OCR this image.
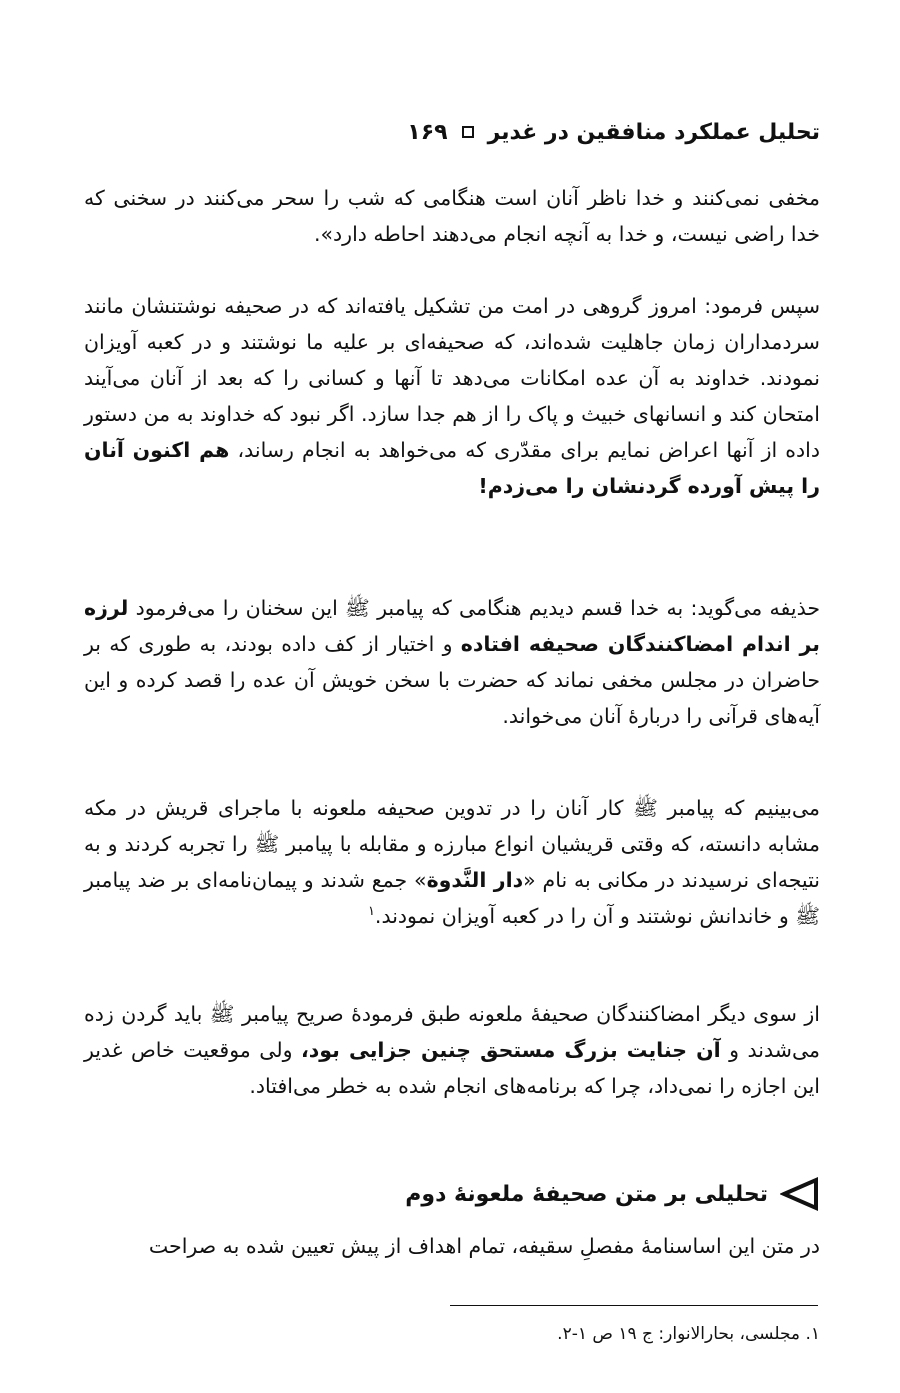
تحلیل عملکرد منافقین در غدیر
۱۶۹

مخفی نمی‌کنند و خدا ناظر آنان است هنگامی که شب را سحر می‌کنند در سخنی که خدا راضی نیست، و خدا به آنچه انجام می‌دهند احاطه دارد».

سپس فرمود: امروز گروهی در امت من تشکیل یافته‌اند که در صحیفه نوشتنشان مانند سردمداران زمان جاهلیت شده‌اند، که صحیفه‌ای بر علیه ما نوشتند و در کعبه آویزان نمودند. خداوند به آن عده امکانات می‌دهد تا آنها و کسانی را که بعد از آنان می‌آیند امتحان کند و انسانهای خبیث و پاک را از هم جدا سازد. اگر نبود که خداوند به من دستور داده از آنها اعراض نمایم برای مقدّری که می‌خواهد به انجام رساند، هم اکنون آنان را پیش آورده گردنشان را می‌زدم!

حذیفه می‌گوید: به خدا قسم دیدیم هنگامی که پیامبر ﷺ این سخنان را می‌فرمود لرزه بر اندام امضاکنندگان صحیفه افتاده و اختیار از کف داده بودند، به طوری که بر حاضران در مجلس مخفی نماند که حضرت با سخن خویش آن عده را قصد کرده و این آیه‌های قرآنی را دربارهٔ آنان می‌خواند.

می‌بینیم که پیامبر ﷺ کار آنان را در تدوین صحیفه ملعونه با ماجرای قریش در مکه مشابه دانسته، که وقتی قریشیان انواع مبارزه و مقابله با پیامبر ﷺ را تجربه کردند و به نتیجه‌ای نرسیدند در مکانی به نام «دار النَّدوة» جمع شدند و پیمان‌نامه‌ای بر ضد پیامبر ﷺ و خاندانش نوشتند و آن را در کعبه آویزان نمودند.$^۱$

از سوی دیگر امضاکنندگان صحیفهٔ ملعونه طبق فرمودهٔ صریح پیامبر ﷺ باید گردن زده می‌شدند و آن جنایت بزرگ مستحق چنین جزایی بود، ولی موقعیت خاص غدیر این اجازه را نمی‌داد، چرا که برنامه‌های انجام شده به خطر می‌افتاد.

تحلیلی بر متن صحیفهٔ ملعونهٔ دوم

در متن این اساسنامهٔ مفصلِ سقیفه، تمام اهداف از پیش تعیین شده به صراحت

۱. مجلسی، بحارالانوار: ج ۱۹ ص ۱-۲.
